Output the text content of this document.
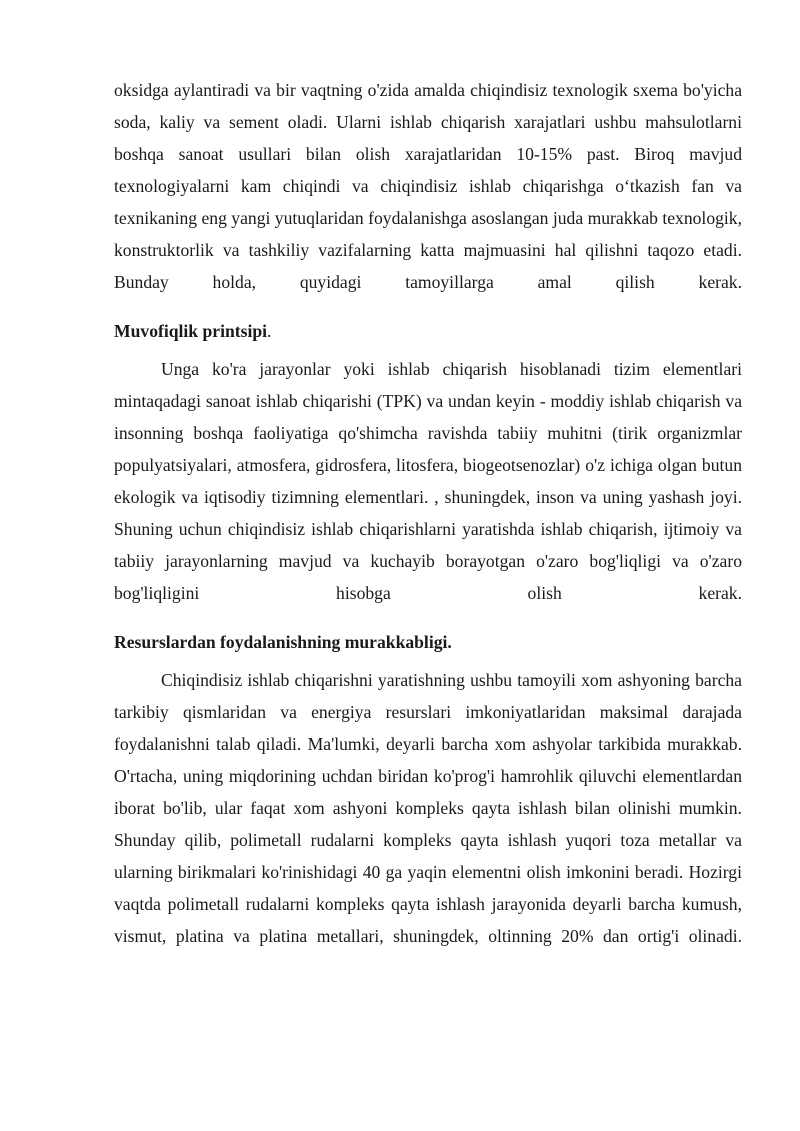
oksidga aylantiradi va bir vaqtning o'zida amalda chiqindisiz texnologik sxema bo'yicha soda, kaliy va sement oladi. Ularni ishlab chiqarish xarajatlari ushbu mahsulotlarni boshqa sanoat usullari bilan olish xarajatlaridan 10-15% past. Biroq mavjud texnologiyalarni kam chiqindi va chiqindisiz ishlab chiqarishga o‘tkazish fan va texnikaning eng yangi yutuqlaridan foydalanishga asoslangan juda murakkab texnologik, konstruktorlik va tashkiliy vazifalarning katta majmuasini hal qilishni taqozo etadi. Bunday holda, quyidagi tamoyillarga amal qilish kerak.

Muvofiqlik printsipi.

Unga ko'ra jarayonlar yoki ishlab chiqarish hisoblanadi tizim elementlari mintaqadagi sanoat ishlab chiqarishi (TPK) va undan keyin - moddiy ishlab chiqarish va insonning boshqa faoliyatiga qo'shimcha ravishda tabiiy muhitni (tirik organizmlar populyatsiyalari, atmosfera, gidrosfera, litosfera, biogeotsenozlar) o'z ichiga olgan butun ekologik va iqtisodiy tizimning elementlari. , shuningdek, inson va uning yashash joyi. Shuning uchun chiqindisiz ishlab chiqarishlarni yaratishda ishlab chiqarish, ijtimoiy va tabiiy jarayonlarning mavjud va kuchayib borayotgan o'zaro bog'liqligi va o'zaro bog'liqligini hisobga olish kerak.

Resurslardan foydalanishning murakkabligi.

Chiqindisiz ishlab chiqarishni yaratishning ushbu tamoyili xom ashyoning barcha tarkibiy qismlaridan va energiya resurslari imkoniyatlaridan maksimal darajada foydalanishni talab qiladi. Ma'lumki, deyarli barcha xom ashyolar tarkibida murakkab. O'rtacha, uning miqdorining uchdan biridan ko'prog'i hamrohlik qiluvchi elementlardan iborat bo'lib, ular faqat xom ashyoni kompleks qayta ishlash bilan olinishi mumkin. Shunday qilib, polimetall rudalarni kompleks qayta ishlash yuqori toza metallar va ularning birikmalari ko'rinishidagi 40 ga yaqin elementni olish imkonini beradi. Hozirgi vaqtda polimetall rudalarni kompleks qayta ishlash jarayonida deyarli barcha kumush, vismut, platina va platina metallari, shuningdek, oltinning 20% dan ortig'i olinadi.
